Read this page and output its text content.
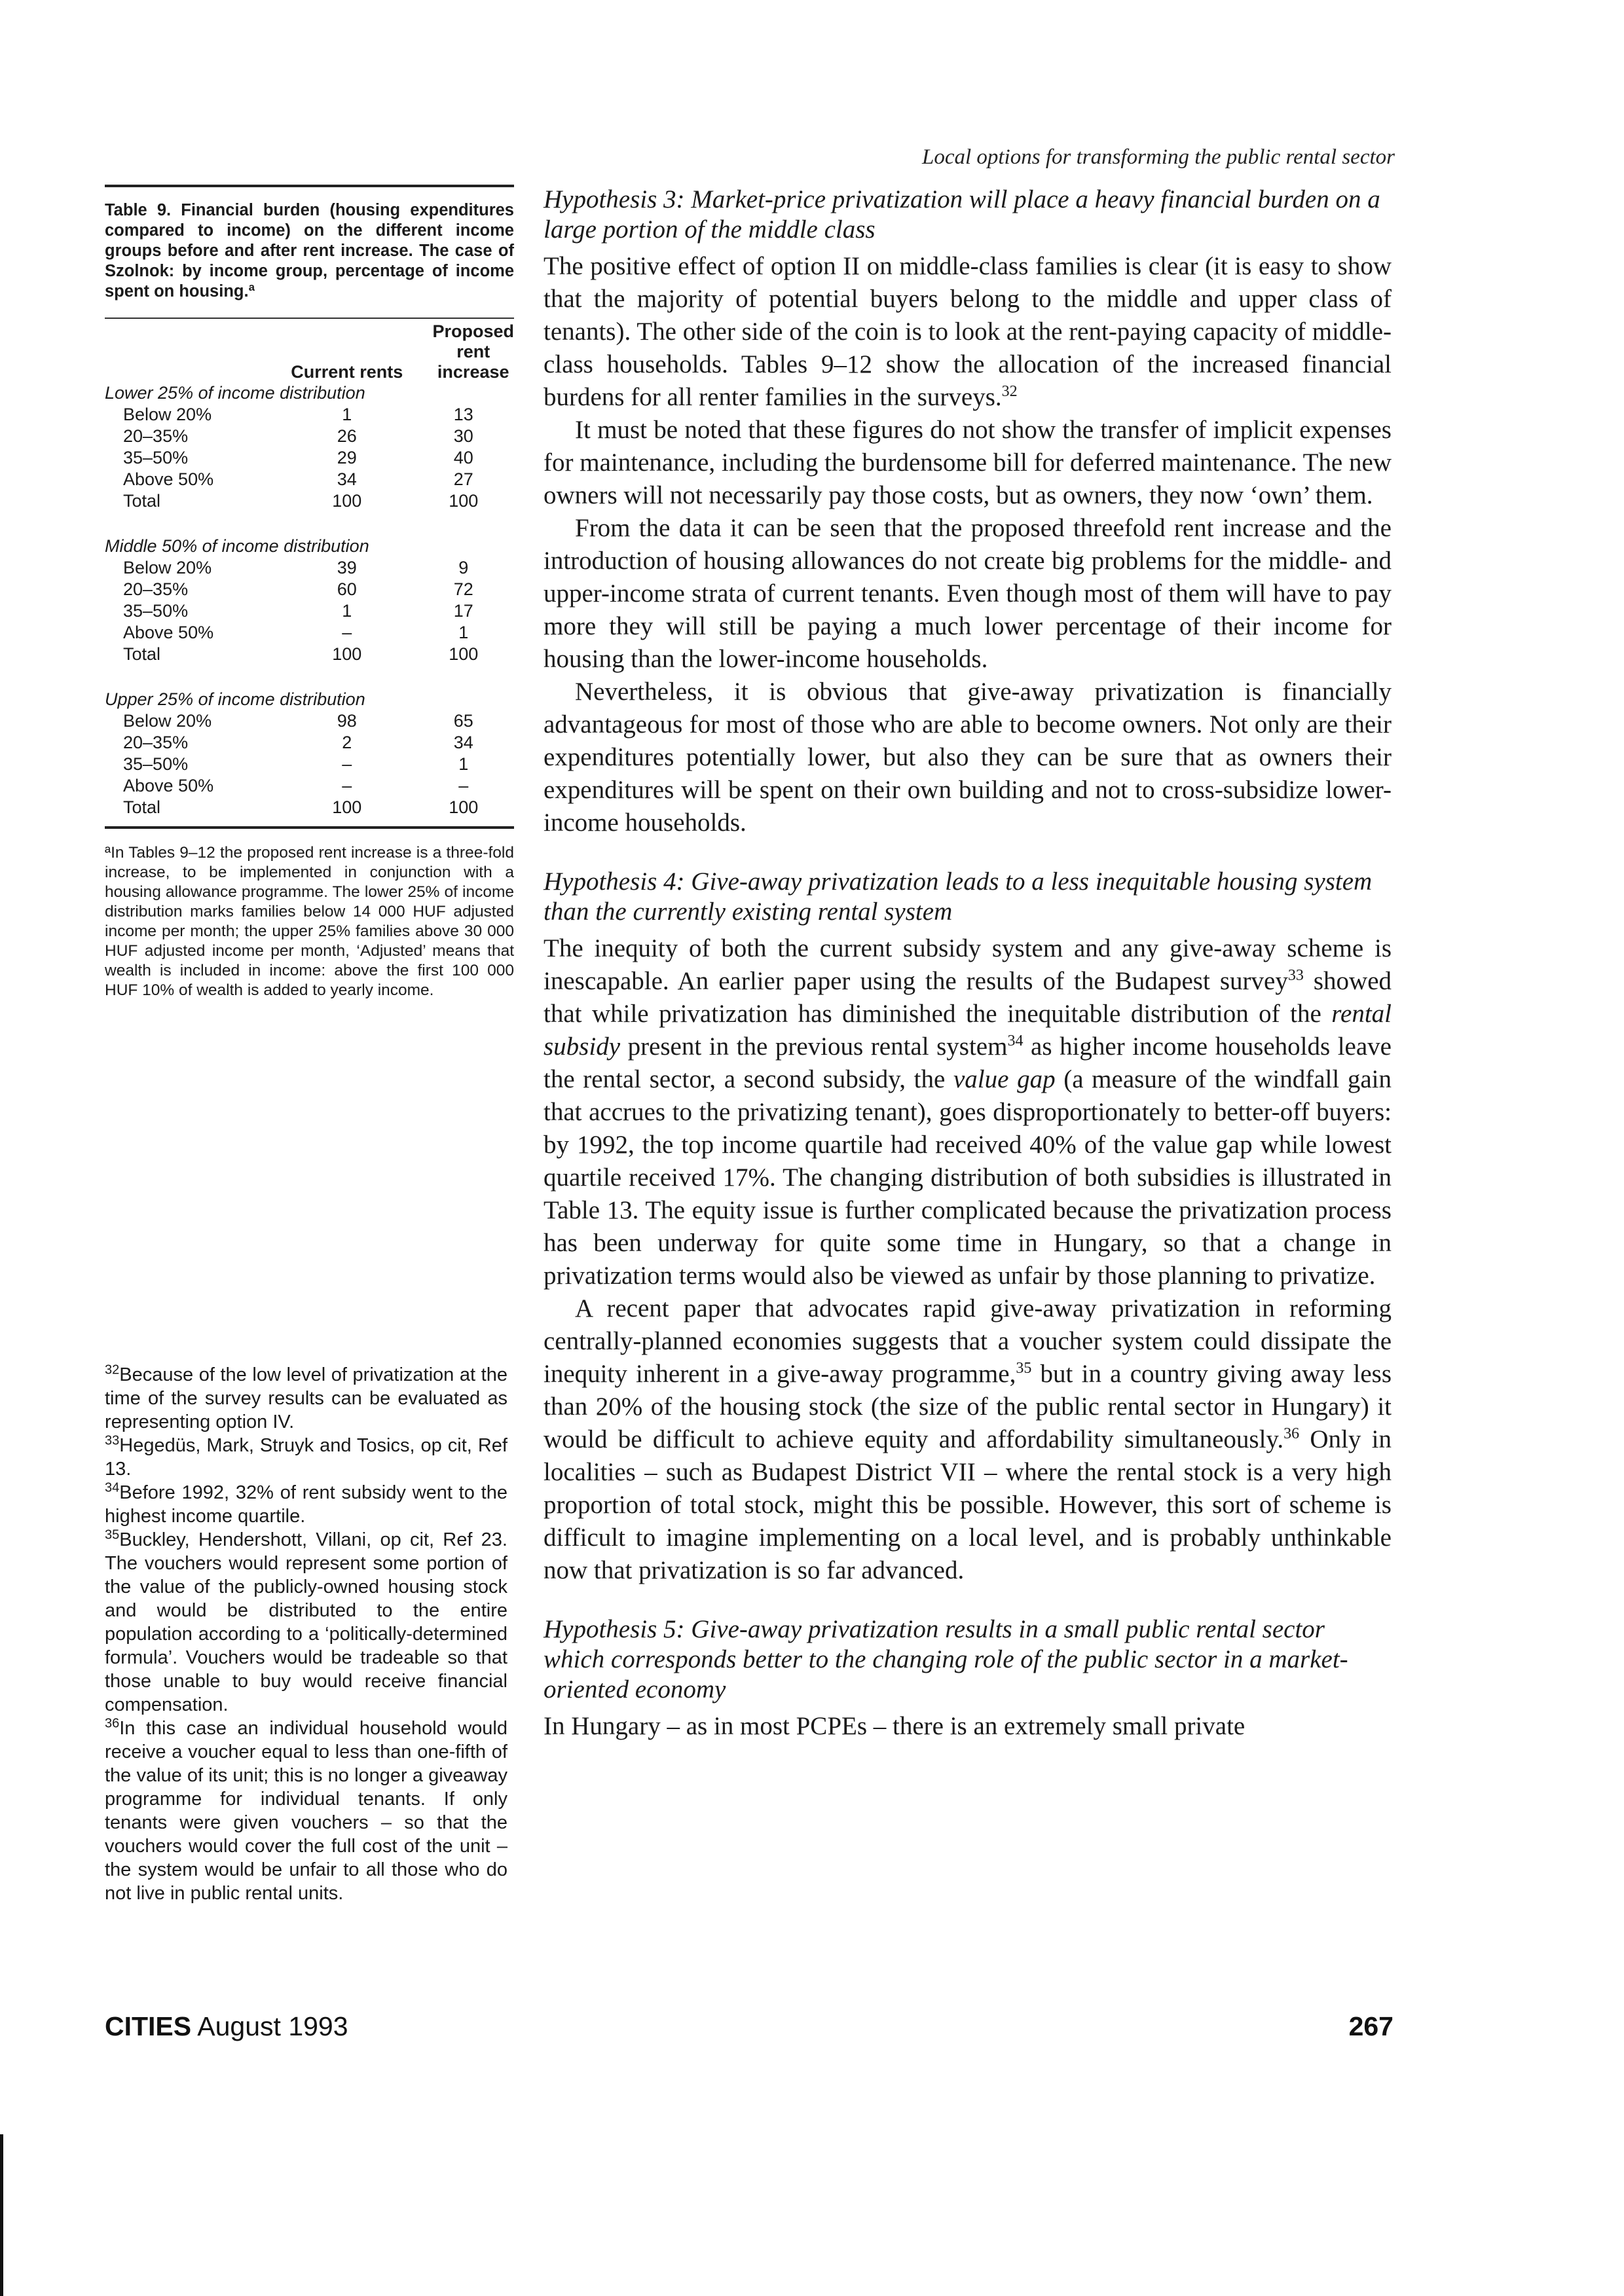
Local options for transforming the public rental sector
Table 9. Financial burden (housing expenditures compared to income) on the different income groups before and after rent increase. The case of Szolnok: by income group, percentage of income spent on housing.ª
	Current rents	Proposed rent increase
Lower 25% of income distribution		
Below 20%	1	13
20–35%	26	30
35–50%	29	40
Above 50%	34	27
Total	100	100

Middle 50% of income distribution		
Below 20%	39	9
20–35%	60	72
35–50%	1	17
Above 50%	–	1
Total	100	100

Upper 25% of income distribution		
Below 20%	98	65
20–35%	2	34
35–50%	–	1
Above 50%	–	–
Total	100	100
ªIn Tables 9–12 the proposed rent increase is a three-fold increase, to be implemented in conjunction with a housing allowance programme. The lower 25% of income distribution marks families below 14 000 HUF adjusted income per month; the upper 25% families above 30 000 HUF adjusted income per month, ‘Adjusted’ means that wealth is included in income: above the first 100 000 HUF 10% of wealth is added to yearly income.

$^{32}$Because of the low level of privatization at the time of the survey results can be evaluated as representing option IV.

$^{33}$Hegedüs, Mark, Struyk and Tosics, op cit, Ref 13.

$^{34}$Before 1992, 32% of rent subsidy went to the highest income quartile.

$^{35}$Buckley, Hendershott, Villani, op cit, Ref 23. The vouchers would represent some portion of the value of the publicly-owned housing stock and would be distributed to the entire population according to a ‘politically-determined formula’. Vouchers would be tradeable so that those unable to buy would receive financial compensation.

$^{36}$In this case an individual household would receive a voucher equal to less than one-fifth of the value of its unit; this is no longer a giveaway programme for individual tenants. If only tenants were given vouchers – so that the vouchers would cover the full cost of the unit – the system would be unfair to all those who do not live in public rental units.

Hypothesis 3: Market-price privatization will place a heavy financial burden on a large portion of the middle class

The positive effect of option II on middle-class families is clear (it is easy to show that the majority of potential buyers belong to the middle and upper class of tenants). The other side of the coin is to look at the rent-paying capacity of middle-class households. Tables 9–12 show the allocation of the increased financial burdens for all renter families in the surveys.$^{32}$

It must be noted that these figures do not show the transfer of implicit expenses for maintenance, including the burdensome bill for deferred maintenance. The new owners will not necessarily pay those costs, but as owners, they now ‘own’ them.

From the data it can be seen that the proposed threefold rent increase and the introduction of housing allowances do not create big problems for the middle- and upper-income strata of current tenants. Even though most of them will have to pay more they will still be paying a much lower percentage of their income for housing than the lower-income households.

Nevertheless, it is obvious that give-away privatization is financially advantageous for most of those who are able to become owners. Not only are their expenditures potentially lower, but also they can be sure that as owners their expenditures will be spent on their own building and not to cross-subsidize lower-income households.

Hypothesis 4: Give-away privatization leads to a less inequitable housing system than the currently existing rental system

The inequity of both the current subsidy system and any give-away scheme is inescapable. An earlier paper using the results of the Budapest survey$^{33}$ showed that while privatization has diminished the inequitable distribution of the rental subsidy present in the previous rental system$^{34}$ as higher income households leave the rental sector, a second subsidy, the value gap (a measure of the windfall gain that accrues to the privatizing tenant), goes disproportionately to better-off buyers: by 1992, the top income quartile had received 40% of the value gap while lowest quartile received 17%. The changing distribution of both subsidies is illustrated in Table 13. The equity issue is further complicated because the privatization process has been underway for quite some time in Hungary, so that a change in privatization terms would also be viewed as unfair by those planning to privatize.

A recent paper that advocates rapid give-away privatization in reforming centrally-planned economies suggests that a voucher system could dissipate the inequity inherent in a give-away programme,$^{35}$ but in a country giving away less than 20% of the housing stock (the size of the public rental sector in Hungary) it would be difficult to achieve equity and affordability simultaneously.$^{36}$ Only in localities – such as Budapest District VII – where the rental stock is a very high proportion of total stock, might this be possible. However, this sort of scheme is difficult to imagine implementing on a local level, and is probably unthinkable now that privatization is so far advanced.

Hypothesis 5: Give-away privatization results in a small public rental sector which corresponds better to the changing role of the public sector in a market-oriented economy

In Hungary – as in most PCPEs – there is an extremely small private

CITIES August 1993	267
